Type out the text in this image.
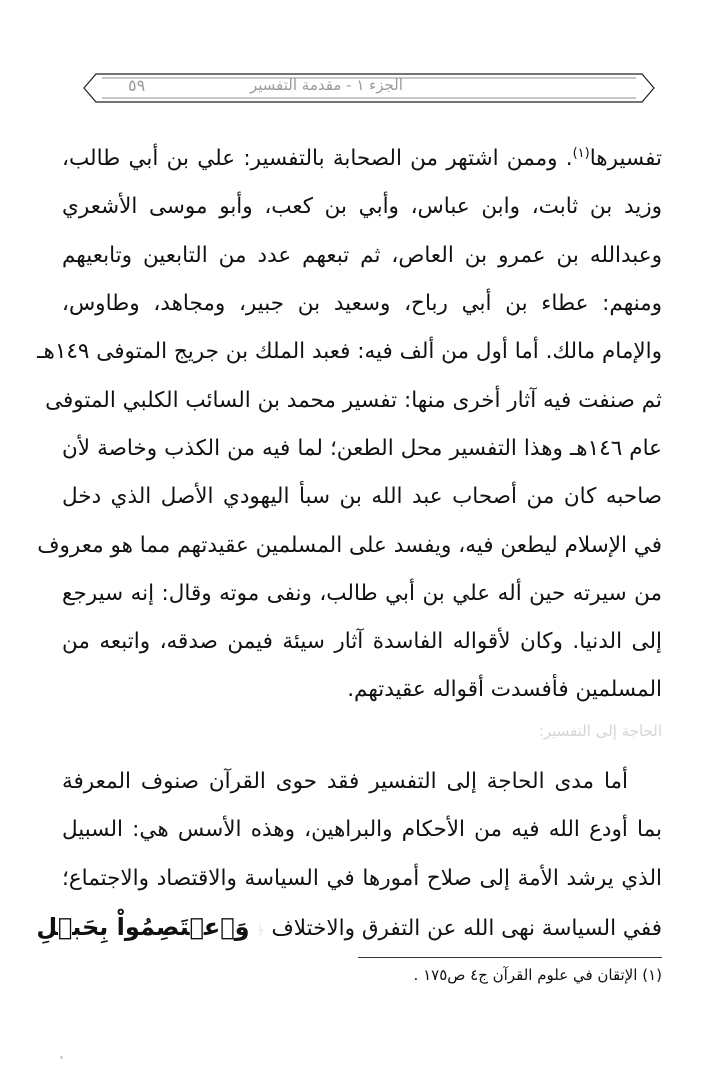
٥٩	الجزء ١ - مقدمة التفسير
تفسيرها$^{(١)}$. وممن اشتهر من الصحابة بالتفسير: علي بن أبي طالب،
وزيد بن ثابت، وابن عباس، وأبي بن كعب، وأبو موسى الأشعري
وعبدالله بن عمرو بن العاص، ثم تبعهم عدد من التابعين وتابعيهم
ومنهم: عطاء بن أبي رباح، وسعيد بن جبير، ومجاهد، وطاوس،
والإمام مالك. أما أول من ألف فيه: فعبد الملك بن جريج المتوفى ١٤٩هـ
ثم صنفت فيه آثار أخرى منها: تفسير محمد بن السائب الكلبي المتوفى
عام ١٤٦هـ وهذا التفسير محل الطعن؛ لما فيه من الكذب وخاصة لأن
صاحبه كان من أصحاب عبد الله بن سبأ اليهودي الأصل الذي دخل
في الإسلام ليطعن فيه، ويفسد على المسلمين عقيدتهم مما هو معروف
من سيرته حين أله علي بن أبي طالب، ونفى موته وقال: إنه سيرجع
إلى الدنيا. وكان لأقواله الفاسدة آثار سيئة فيمن صدقه، واتبعه من
المسلمين فأفسدت أقواله عقيدتهم.
الحاجة إلى التفسير:
أما مدى الحاجة إلى التفسير فقد حوى القرآن صنوف المعرفة
بما أودع الله فيه من الأحكام والبراهين، وهذه الأسس هي: السبيل
الذي يرشد الأمة إلى صلاح أمورها في السياسة والاقتصاد والاجتماع؛
ففي السياسة نهى الله عن التفرق والاختلاف ﴿ وَٱعۡتَصِمُواْ بِحَبۡلِ
(١) الإتقان في علوم القرآن ج٤ ص١٧٥ .
